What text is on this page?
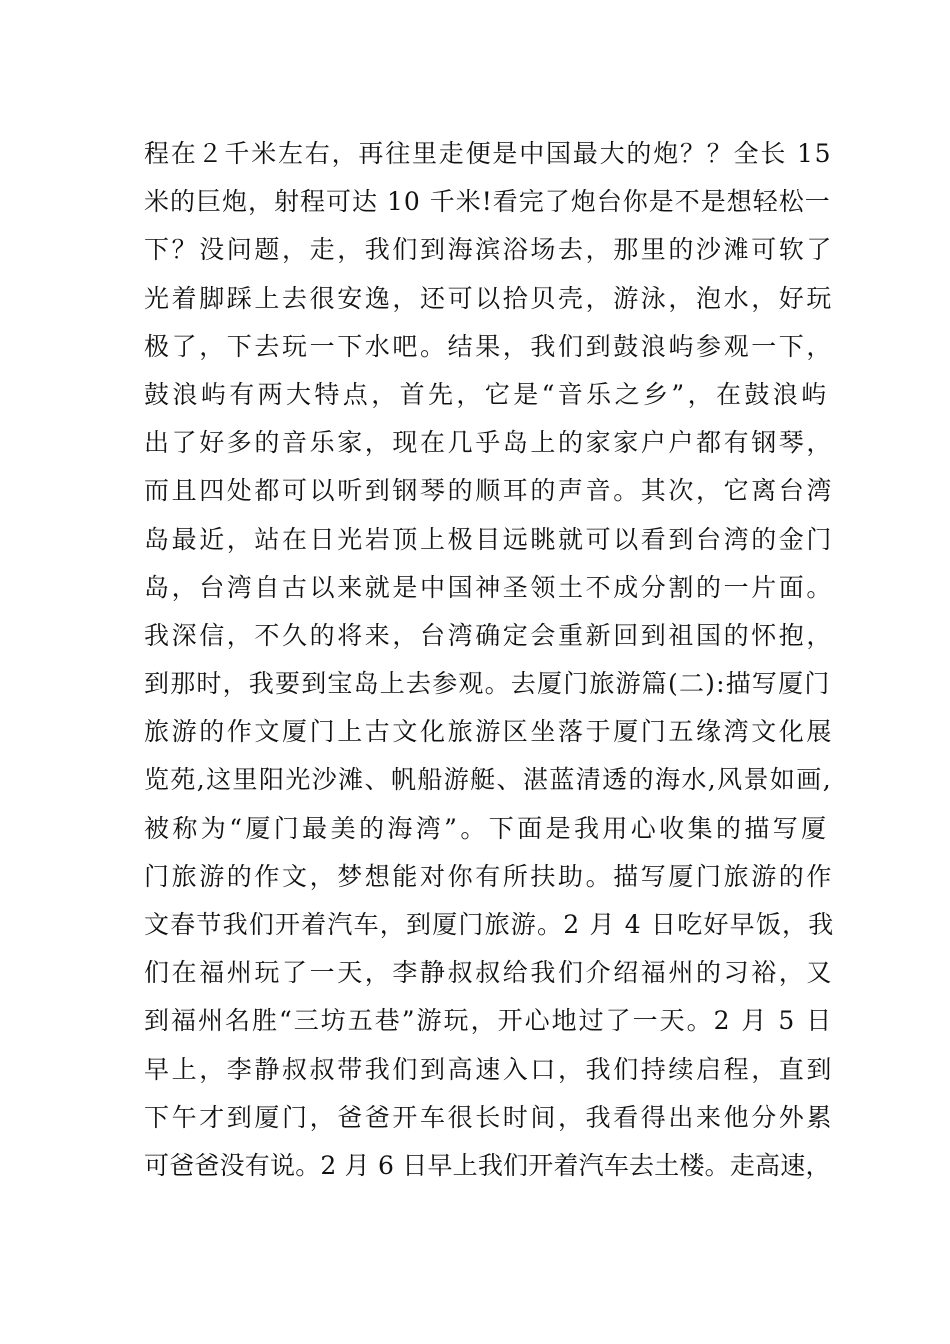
程在２千米左右，再往里走便是中国最大的炮？？全长 15
米的巨炮，射程可达 10 千米!看完了炮台你是不是想轻松一
下？没问题，走，我们到海滨浴场去，那里的沙滩可软了
光着脚踩上去很安逸，还可以拾贝壳，游泳，泡水，好玩
极了，下去玩一下水吧。结果，我们到鼓浪屿参观一下，
鼓浪屿有两大特点，首先，它是“音乐之乡”，在鼓浪屿
出了好多的音乐家，现在几乎岛上的家家户户都有钢琴，
而且四处都可以听到钢琴的顺耳的声音。其次，它离台湾
岛最近，站在日光岩顶上极目远眺就可以看到台湾的金门
岛，台湾自古以来就是中国神圣领土不成分割的一片面。
我深信，不久的将来，台湾确定会重新回到祖国的怀抱，
到那时，我要到宝岛上去参观。去厦门旅游篇(二):描写厦门
旅游的作文厦门上古文化旅游区坐落于厦门五缘湾文化展
览苑,这里阳光沙滩、帆船游艇、湛蓝清透的海水,风景如画,
被称为“厦门最美的海湾”。下面是我用心收集的描写厦
门旅游的作文，梦想能对你有所扶助。描写厦门旅游的作
文春节我们开着汽车，到厦门旅游。2 月 4 日吃好早饭，我
们在福州玩了一天，李静叔叔给我们介绍福州的习裕，又
到福州名胜“三坊五巷”游玩，开心地过了一天。2 月 5 日
早上，李静叔叔带我们到高速入口，我们持续启程，直到
下午才到厦门，爸爸开车很长时间，我看得出来他分外累
可爸爸没有说。2 月 6 日早上我们开着汽车去土楼。走高速，
